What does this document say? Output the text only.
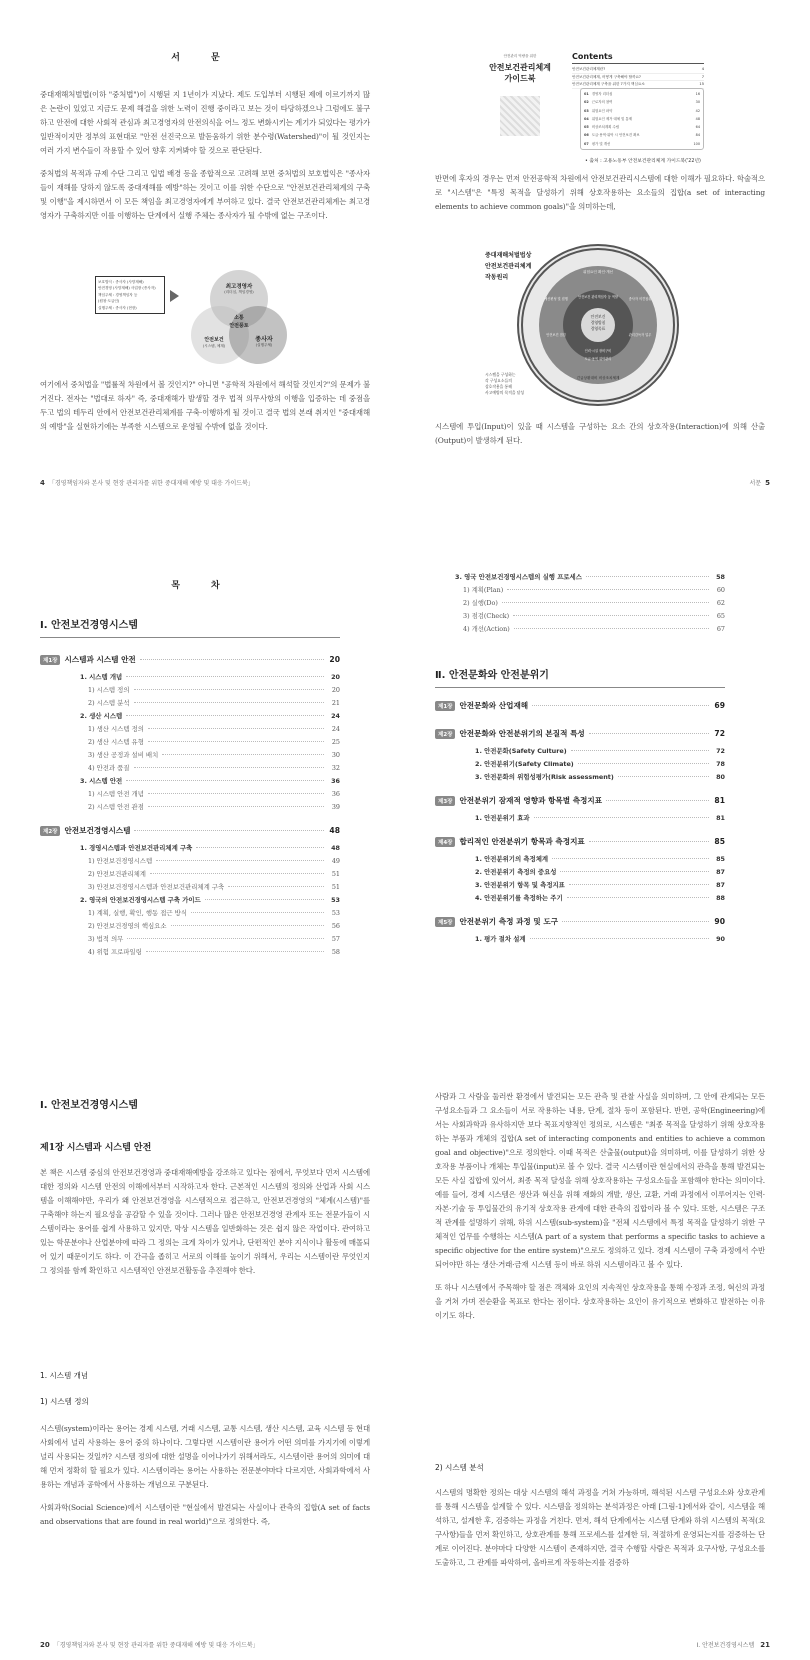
서 문

중대재해처벌법(이하 "중처법")이 시행된 지 1년이가 지났다. 제도 도입부터 시행된 제에 이르기까지 많은 논란이 있었고 지금도 문제 해결을 위한 노력이 진행 중이라고 보는 것이 타당하겠으나 그럼에도 불구하고 안전에 대한 사회적 관심과 최고경영자의 안전의식을 어느 정도 변화시키는 계기가 되었다는 평가가 일반적이지만 정부의 표현대로 "안전 선진국으로 발돋움하기 위한 분수령(Watershed)"이 될 것인지는 여러 가지 변수들이 작용할 수 있어 향후 지켜봐야 할 것으로 판단된다.

중처법의 목적과 규제 수단 그리고 입법 배경 등을 종합적으로 고려해 보면 중처법의 보호법익은 "종사자들이 재해를 당하지 않도록 중대재해를 예방"하는 것이고 이를 위한 수단으로 "안전보건관리체계의 구축 및 이행"을 제시하면서 이 모든 책임을 최고경영자에게 부여하고 있다. 결국 안전보건관리체계는 최고경영자가 구축하지만 이를 이행하는 단계에서 실행 주체는 종사자가 될 수밖에 없는 구조이다.

보호법익 : 종사자 (사망재해)
안전경영 (사망재해) 사업장 (종사자)
책임주체 : 경영책임자 등
(원청·도급인)
실행주체 : 종사자 (현장)
최고경영자
(리더십, 책임경영)
안전보건
(시스템, 체계)
종사자
(실행주체)
소통
안전풍토

여기에서 중처법을 "법률적 차원에서 볼 것인지?" 아니면 "공학적 차원에서 해석할 것인지?"의 문제가 불거진다. 전자는 "법대로 하자" 즉, 중대재해가 발생할 경우 법적 의무사항의 이행을 입증하는 데 중점을 두고 법의 테두리 안에서 안전보건관리체계를 구축·이행하게 될 것이고 결국 법의 본래 취지인 "중대재해의 예방"을 실현하기에는 부족한 시스템으로 운영될 수밖에 없을 것이다.

4 「경영책임자와 본사 및 현장 관리자를 위한 중대재해 예방 및 대응 가이드북」
안전관리 역량을 위한
안전보건관리체계
가이드북
Contents
안전보건관리체계란?	4
안전보건관리체계, 어떻게 구축해야 할까요?	7
안전보건관리체계 구축을 위한 7가지 핵심요소	15
01 경영자 리더십	16
02 근로자의 참여	30
03 위험요인 파악	42
04 위험요인 제거·대체 및 통제	48
05 비상조치계획 수립	64
06 도급·용역·위탁 시 안전보건 확보	84
07 평가 및 개선	100
• 출처 : 고용노동부 안전보건관리체계 가이드북('22년)

반면에 후자의 경우는 먼저 안전공학적 차원에서 안전보건관리시스템에 대한 이해가 필요하다. 학술적으로 "시스템"은 "특정 목적을 달성하기 위해 상호작용하는 요소들의 집합(a set of interacting elements to achieve common goals)"을 의미하는데,

중대재해처벌법상
안전보건관리체계
작동원리
안전보건
경영방침
경영목표
위험요인 확인·개선
안전보건 관리책임자 등 역할	종사자 의견청취
관리감독자 업무
예산편성 및 집행
안전보건 점검
인력·시설 장비구비
도급·용역 위탁관리
긴급상황대비 비상조치체계
시스템을 구성하는
각 구성요소들의
상호작용을 통해
사고예방의 목적을 달성

시스템에 투입(Input)이 있을 때 시스템을 구성하는 요소 간의 상호작용(Interaction)에 의해 산출(Output)이 발생하게 된다.

서문 5
목 차
Ⅰ. 안전보건경영시스템
제1장 시스템과 시스템 안전	20
1. 시스템 개념	20
1) 시스템 정의	20
2) 시스템 분석	21
2. 생산 시스템	24
1) 생산 시스템 정의	24
2) 생산 시스템 유형	25
3) 생산 공정과 설비 배치	30
4) 안전과 품질	32
3. 시스템 안전	36
1) 시스템 안전 개념	36
2) 시스템 안전 관점	39
제2장 안전보건경영시스템	48
1. 경영시스템과 안전보건관리체계 구축	48
1) 안전보건경영시스템	49
2) 안전보건관리체계	51
3) 안전보건경영시스템과 안전보건관리체계 구축	51
2. 영국의 안전보건경영시스템 구축 가이드	53
1) 계획, 실행, 확인, 행동 접근 방식	53
2) 안전보건경영의 핵심요소	56
3) 법적 의무	57
4) 위험 프로파일링	58
3. 영국 안전보건경영시스템의 실행 프로세스	58
1) 계획(Plan)	60
2) 실행(Do)	62
3) 점검(Check)	65
4) 개선(Action)	67
Ⅱ. 안전문화와 안전분위기
제1장 안전문화와 산업재해	69
제2장 안전문화와 안전분위기의 본질적 특성	72
1. 안전문화(Safety Culture)	72
2. 안전분위기(Safety Climate)	78
3. 안전문화의 위험성평가(Risk assessment)	80
제3장 안전분위기 잠재적 영향과 항목별 측정지표	81
1. 안전분위기 효과	81
제4장 합리적인 안전분위기 항목과 측정지표	85
1. 안전분위기의 측정체계	85
2. 안전분위기 측정의 중요성	87
3. 안전분위기 항목 및 측정지표	87
4. 안전분위기를 측정하는 주기	88
제5장 안전분위기 측정 과정 및 도구	90
1. 평가 절차 설계	90
Ⅰ. 안전보건경영시스템
제1장 시스템과 시스템 안전

본 책은 시스템 중심의 안전보건경영과 중대재해예방을 강조하고 있다는 점에서, 무엇보다 먼저 시스템에 대한 정의와 시스템 안전의 이해에서부터 시작하고자 한다. 근본적인 시스템의 정의와 산업과 사회 시스템을 이해해야만, 우리가 왜 안전보건경영을 시스템적으로 접근하고, 안전보건경영의 "체계(시스템)"를 구축해야 하는지 필요성을 공감할 수 있을 것이다. 그러나 많은 안전보건경영 관계자 또는 전문가들이 시스템이라는 용어를 쉽게 사용하고 있지만, 막상 시스템을 일반화하는 것은 쉽지 않은 작업이다. 관여하고 있는 학문분야나 산업분야에 따라 그 정의는 크게 차이가 있거나, 단편적인 분야 지식이나 활동에 매몰되어 있기 때문이기도 하다. 이 간극을 좁히고 서로의 이해를 높이기 위해서, 우리는 시스템이란 무엇인지 그 정의를 함께 확인하고 시스템적인 안전보건활동을 추진해야 한다.

1. 시스템 개념
1) 시스템 정의

시스템(system)이라는 용어는 경제 시스템, 거래 시스템, 교통 시스템, 생산 시스템, 교육 시스템 등 현대 사회에서 널리 사용하는 용어 중의 하나이다. 그렇다면 시스템이란 용어가 어떤 의미를 가지기에 이렇게 널리 사용되는 것일까? 시스템 정의에 대한 설명을 이어나가기 위해서라도, 시스템이란 용어의 의미에 대해 먼저 정확히 할 필요가 있다. 시스템이라는 용어는 사용하는 전문분야마다 다르지만, 사회과학에서 사용하는 개념과 공학에서 사용하는 개념으로 구분된다.

사회과학(Social Science)에서 시스템이란 "현실에서 발견되는 사실이나 관측의 집합(A set of facts and observations that are found in real world)"으로 정의한다. 즉,

20 「경영책임자와 본사 및 현장 관리자를 위한 중대재해 예방 및 대응 가이드북」

사람과 그 사람을 둘러싼 환경에서 발견되는 모든 관측 및 관찰 사실을 의미하며, 그 안에 관계되는 모든 구성요소들과 그 요소들이 서로 작용하는 내용, 단계, 절차 등이 포함된다. 반면, 공학(Engineering)에서는 사회과학과 유사하지만 보다 목표지향적인 정의로, 시스템은 "최종 목적을 달성하기 위해 상호작용하는 부품과 개체의 집합(A set of interacting components and entities to achieve a common goal and objective)"으로 정의한다. 이때 목적은 산출물(output)을 의미하며, 이를 달성하기 위한 상호작용 부품이나 개체는 투입물(input)로 볼 수 있다. 결국 시스템이란 현실에서의 관측을 통해 발견되는 모든 사실 집합에 있어서, 최종 목적 달성을 위해 상호작용하는 구성요소들을 포함해야 한다는 의미이다. 예를 들어, 경제 시스템은 생산과 혁신을 위해 재화의 개발, 생산, 교환, 거래 과정에서 이루어지는 인력·자본·기술 등 투입물간의 유기적 상호작용 관계에 대한 관측의 집합이라 볼 수 있다. 또한, 시스템은 구조적 관계를 설명하기 위해, 하위 시스템(sub-system)을 "전체 시스템에서 특정 목적을 달성하기 위한 구체적인 업무를 수행하는 시스템(A part of a system that performs a specific tasks to achieve a specific objective for the entire system)"으로도 정의하고 있다. 경제 시스템이 구축 과정에서 수반되어야만 하는 생산·거래·금재 시스템 등이 바로 하위 시스템이라고 볼 수 있다.

또 하나 시스템에서 주목해야 할 점은 객체와 요인의 지속적인 상호작용을 통해 수정과 조정, 혁신의 과정을 거쳐 가며 전순환을 목표로 한다는 점이다. 상호작용하는 요인이 유기적으로 변화하고 발전하는 이유이기도 하다.

2) 시스템 분석

시스템의 명확한 정의는 대상 시스템의 해석 과정을 거쳐 가능하며, 해석된 시스템 구성요소와 상호관계를 통해 시스템을 설계할 수 있다. 시스템을 정의하는 분석과정은 아래 [그림-1]에서와 같이, 시스템을 해석하고, 설계한 후, 검증하는 과정을 거친다. 먼저, 해석 단계에서는 시스템 단계와 하위 시스템의 목적(요구사항)들을 먼저 확인하고, 상호관계를 통해 프로세스를 설계한 뒤, 적절하게 운영되는지를 검증하는 단계로 이어진다. 분야마다 다양한 시스템이 존재하지만, 결국 수행할 사람은 목적과 요구사항, 구성요소를 도출하고, 그 관계를 파악하여, 올바르게 작동하는지를 검증하

Ⅰ. 안전보건경영시스템 21
